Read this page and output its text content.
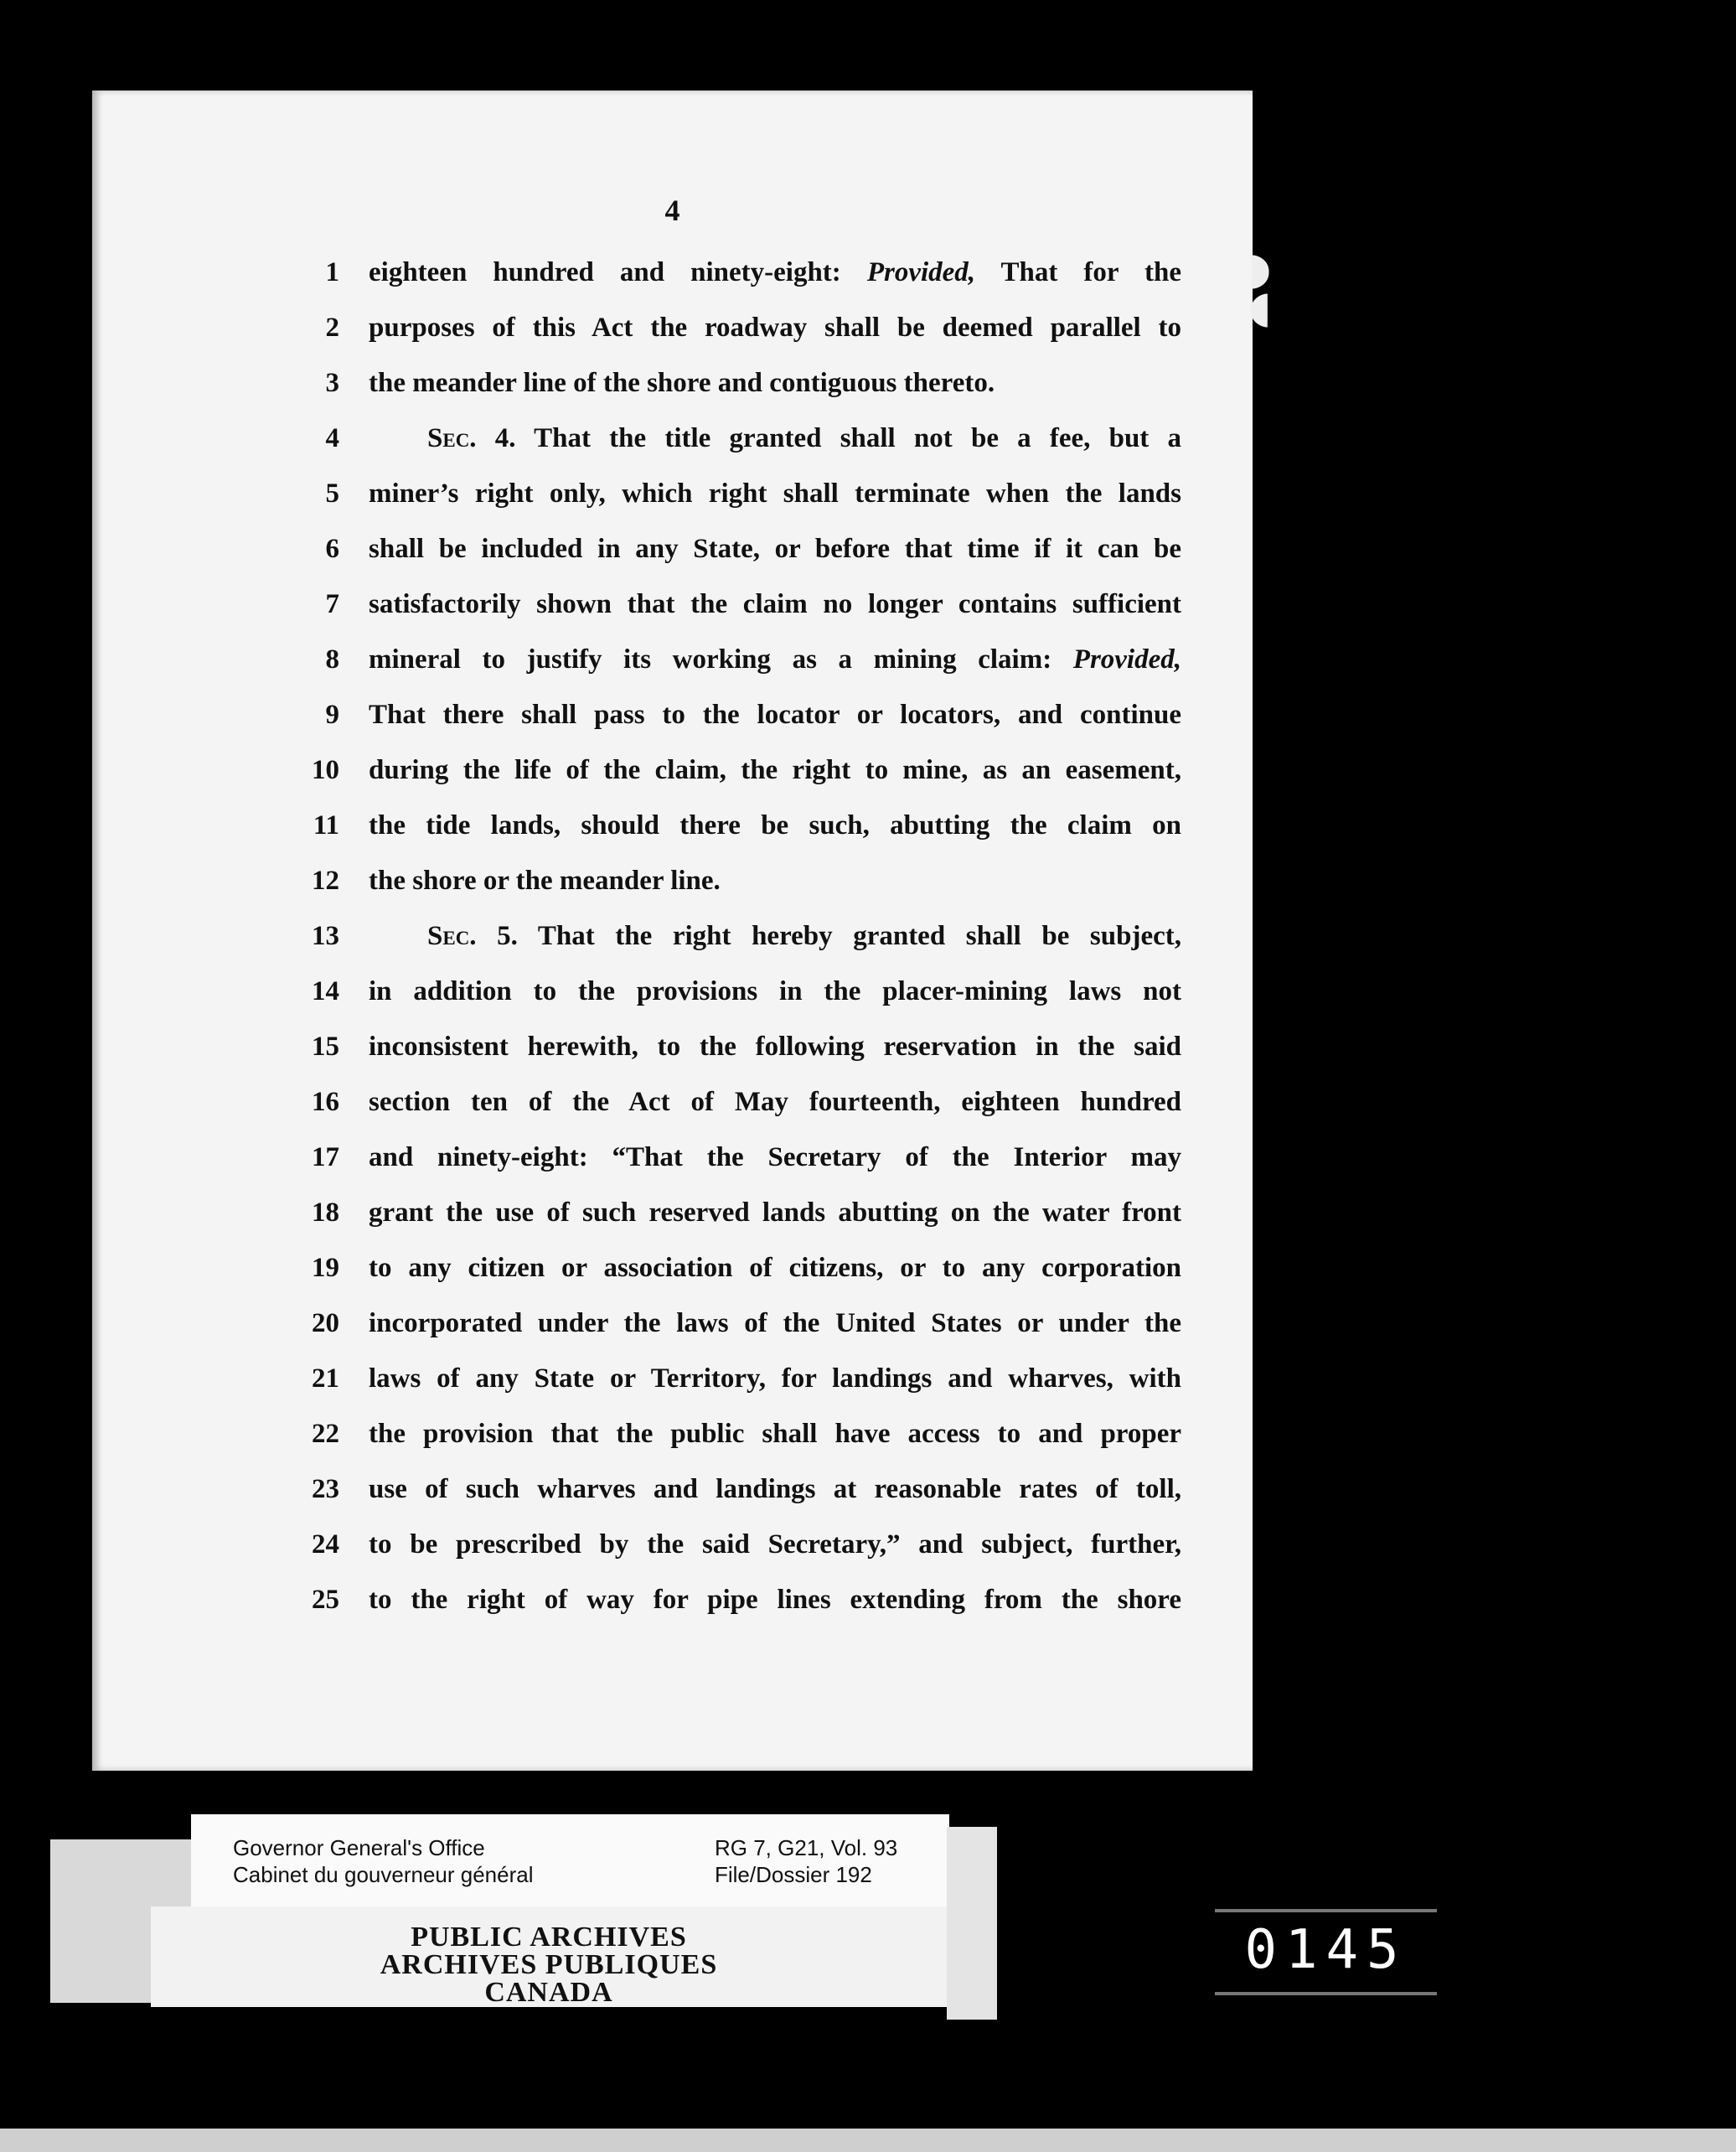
4
1 eighteen hundred and ninety-eight: Provided, That for the
2 purposes of this Act the roadway shall be deemed parallel to
3 the meander line of the shore and contiguous thereto.
4	Sec. 4. That the title granted shall not be a fee, but a
5 miner’s right only, which right shall terminate when the lands
6 shall be included in any State, or before that time if it can be
7 satisfactorily shown that the claim no longer contains sufficient
8 mineral to justify its working as a mining claim: Provided,
9 That there shall pass to the locator or locators, and continue
10 during the life of the claim, the right to mine, as an easement,
11 the tide lands, should there be such, abutting the claim on
12 the shore or the meander line.
13	Sec. 5. That the right hereby granted shall be subject,
14 in addition to the provisions in the placer-mining laws not
15 inconsistent herewith, to the following reservation in the said
16 section ten of the Act of May fourteenth, eighteen hundred
17 and ninety-eight: “That the Secretary of the Interior may
18 grant the use of such reserved lands abutting on the water front
19 to any citizen or association of citizens, or to any corporation
20 incorporated under the laws of the United States or under the
21 laws of any State or Territory, for landings and wharves, with
22 the provision that the public shall have access to and proper
23 use of such wharves and landings at reasonable rates of toll,
24 to be prescribed by the said Secretary,” and subject, further,
25 to the right of way for pipe lines extending from the shore
◗
◖
Governor General's Office
Cabinet du gouverneur général
RG 7, G21, Vol. 93
File/Dossier 192
PUBLIC ARCHIVES
ARCHIVES PUBLIQUES
CANADA
0145
